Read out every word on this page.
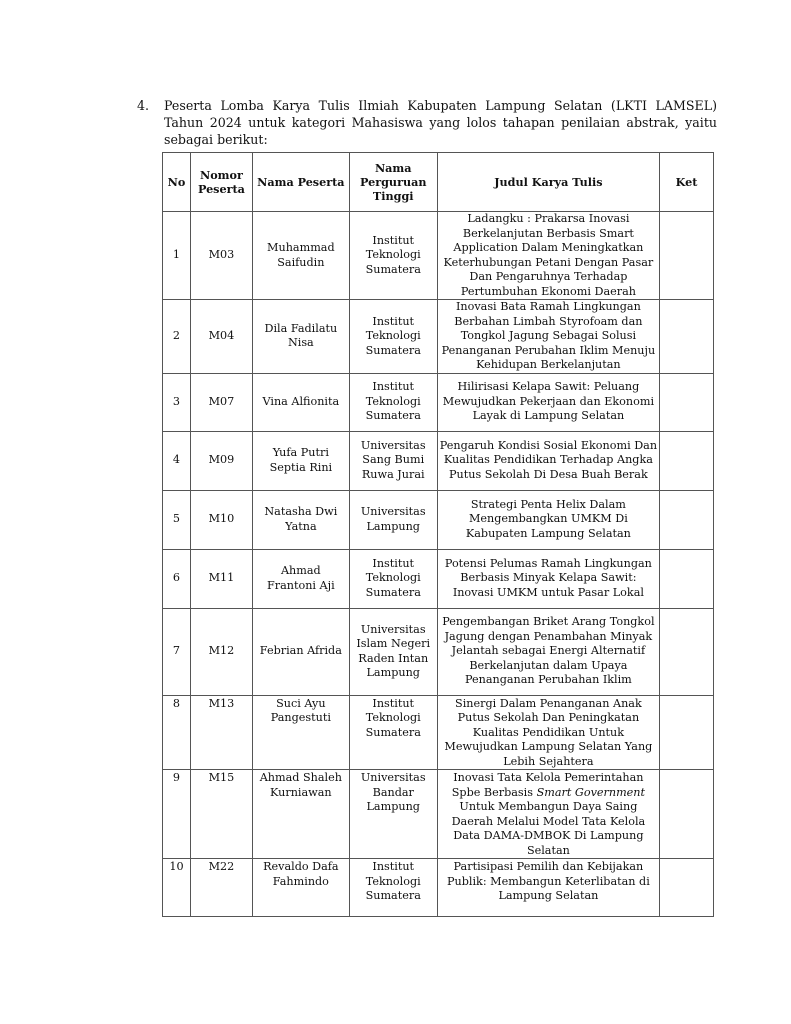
4. Peserta Lomba Karya Tulis Ilmiah Kabupaten Lampung Selatan (LKTI LAMSEL) Tahun 2024 untuk kategori Mahasiswa yang lolos tahapan penilaian abstrak, yaitu sebagai berikut:
No	Nomor Peserta	Nama Peserta	Nama Perguruan Tinggi	Judul Karya Tulis	Ket
1	M03	Muhammad Saifudin	Institut Teknologi Sumatera	Ladangku : Prakarsa Inovasi Berkelanjutan Berbasis Smart Application Dalam Meningkatkan Keterhubungan Petani Dengan Pasar Dan Pengaruhnya Terhadap Pertumbuhan Ekonomi Daerah	
2	M04	Dila Fadilatu Nisa	Institut Teknologi Sumatera	Inovasi Bata Ramah Lingkungan Berbahan Limbah Styrofoam dan Tongkol Jagung Sebagai Solusi Penanganan Perubahan Iklim Menuju Kehidupan Berkelanjutan	
3	M07	Vina Alfionita	Institut Teknologi Sumatera	Hilirisasi Kelapa Sawit: Peluang Mewujudkan Pekerjaan dan Ekonomi Layak di Lampung Selatan	
4	M09	Yufa Putri Septia Rini	Universitas Sang Bumi Ruwa Jurai	Pengaruh Kondisi Sosial Ekonomi Dan Kualitas Pendidikan Terhadap Angka Putus Sekolah Di Desa Buah Berak	
5	M10	Natasha Dwi Yatna	Universitas Lampung	Strategi Penta Helix Dalam Mengembangkan UMKM Di Kabupaten Lampung Selatan	
6	M11	Ahmad Frantoni Aji	Institut Teknologi Sumatera	Potensi Pelumas Ramah Lingkungan Berbasis Minyak Kelapa Sawit: Inovasi UMKM untuk Pasar Lokal	
7	M12	Febrian Afrida	Universitas Islam Negeri Raden Intan Lampung	Pengembangan Briket Arang Tongkol Jagung dengan Penambahan Minyak Jelantah sebagai Energi Alternatif Berkelanjutan dalam Upaya Penanganan Perubahan Iklim	
8	M13	Suci Ayu Pangestuti	Institut Teknologi Sumatera	Sinergi Dalam Penanganan Anak Putus Sekolah Dan Peningkatan Kualitas Pendidikan Untuk Mewujudkan Lampung Selatan Yang Lebih Sejahtera	
9	M15	Ahmad Shaleh Kurniawan	Universitas Bandar Lampung	Inovasi Tata Kelola Pemerintahan Spbe Berbasis Smart Government Untuk Membangun Daya Saing Daerah Melalui Model Tata Kelola Data DAMA-DMBOK Di Lampung Selatan	
10	M22	Revaldo Dafa Fahmindo	Institut Teknologi Sumatera	Partisipasi Pemilih dan Kebijakan Publik: Membangun Keterlibatan di Lampung Selatan	
